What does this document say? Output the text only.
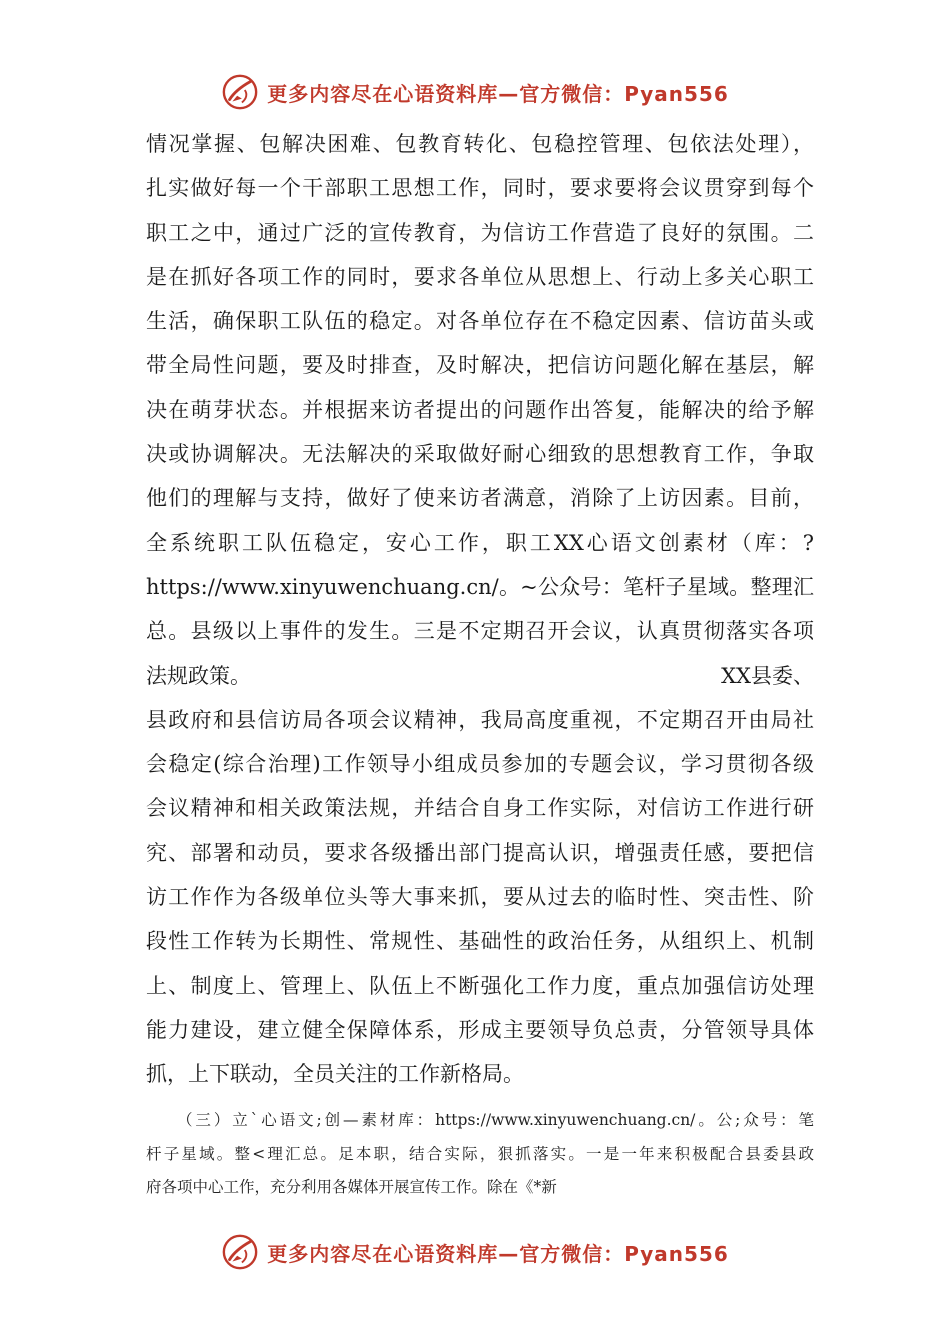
更多内容尽在心语资料库—官方微信：Pyan556
情况掌握、包解决困难、包教育转化、包稳控管理、包依法处理），
扎实做好每一个干部职工思想工作，同时，要求要将会议贯穿到每个
职工之中，通过广泛的宣传教育，为信访工作营造了良好的氛围。二
是在抓好各项工作的同时，要求各单位从思想上、行动上多关心职工
生活，确保职工队伍的稳定。对各单位存在不稳定因素、信访苗头或
带全局性问题，要及时排查，及时解决，把信访问题化解在基层，解
决在萌芽状态。并根据来访者提出的问题作出答复，能解决的给予解
决或协调解决。无法解决的采取做好耐心细致的思想教育工作，争取
他们的理解与支持，做好了使来访者满意，消除了上访因素。目前，
全系统职工队伍稳定，安心工作，职工XX心语文创素材（库：?
https://www.xinyuwenchuang.cn/。~公众号：笔杆子星域。整理汇
总。县级以上事件的发生。三是不定期召开会议，认真贯彻落实各项
法规政策。	XX县委、
县政府和县信访局各项会议精神，我局高度重视，不定期召开由局社
会稳定(综合治理)工作领导小组成员参加的专题会议，学习贯彻各级
会议精神和相关政策法规，并结合自身工作实际，对信访工作进行研
究、部署和动员，要求各级播出部门提高认识，增强责任感，要把信
访工作作为各级单位头等大事来抓，要从过去的临时性、突击性、阶
段性工作转为长期性、常规性、基础性的政治任务，从组织上、机制
上、制度上、管理上、队伍上不断强化工作力度，重点加强信访处理
能力建设，建立健全保障体系，形成主要领导负总责，分管领导具体
抓，上下联动，全员关注的工作新格局。
（三）立`心语文;创—素材库：https://www.xinyuwenchuang.cn/。公;众号：笔
杆子星域。整<理汇总。足本职，结合实际，狠抓落实。一是一年来积极配合县委县政
府各项中心工作，充分利用各媒体开展宣传工作。除在《*新
更多内容尽在心语资料库—官方微信：Pyan556
